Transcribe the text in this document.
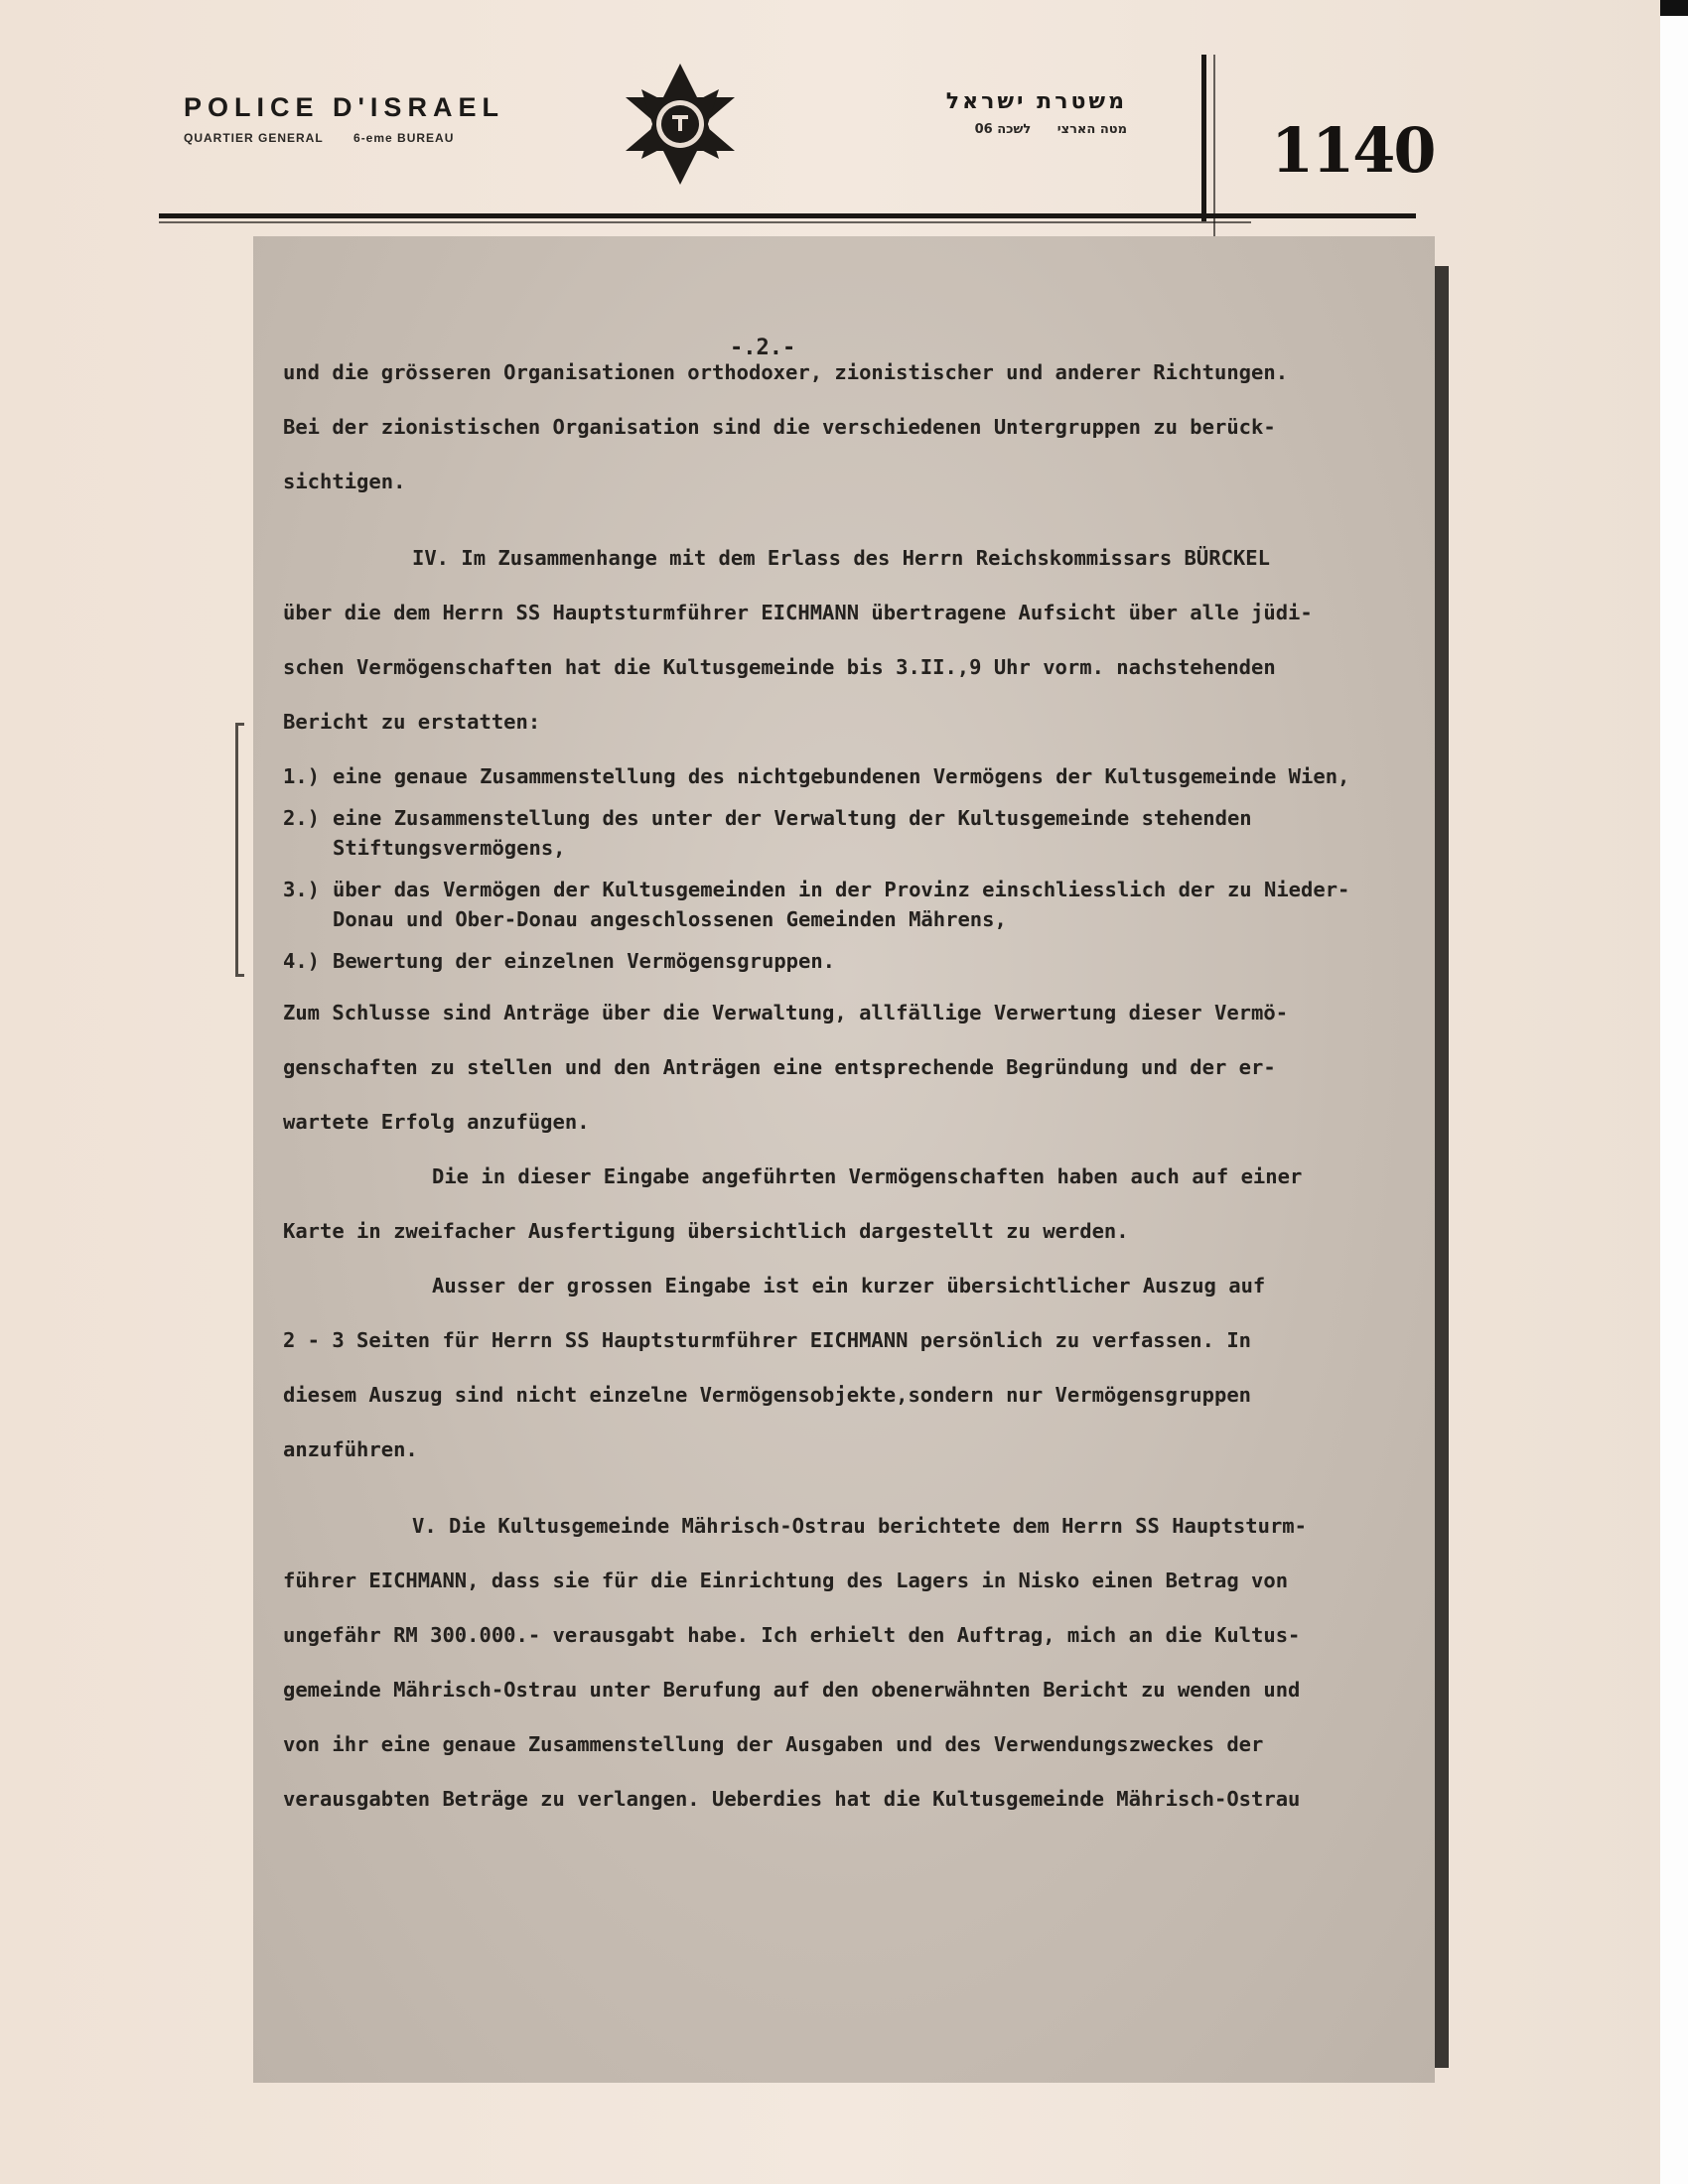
POLICE D'ISRAEL
QUARTIER GENERAL	6-eme BUREAU
משטרת ישראל
מטה הארצי לשכה 06	1140
-.2.-

und die grösseren Organisationen orthodoxer, zionistischer und anderer Richtungen.

Bei der zionistischen Organisation sind die verschiedenen Untergruppen zu berück-

sichtigen.

IV. Im Zusammenhange mit dem Erlass des Herrn Reichskommissars BÜRCKEL

über die dem Herrn SS Hauptsturmführer EICHMANN übertragene Aufsicht über alle jüdi-

schen Vermögenschaften hat die Kultusgemeinde bis 3.II.,9 Uhr vorm. nachstehenden

Bericht zu erstatten:

1.) eine genaue Zusammenstellung des nichtgebundenen Vermögens der Kultusgemeinde Wien,
2.) eine Zusammenstellung des unter der Verwaltung der Kultusgemeinde stehenden Stiftungsvermögens,
3.) über das Vermögen der Kultusgemeinden in der Provinz einschliesslich der zu Nieder-Donau und Ober-Donau angeschlossenen Gemeinden Mährens,
4.) Bewertung der einzelnen Vermögensgruppen.

Zum Schlusse sind Anträge über die Verwaltung, allfällige Verwertung dieser Vermö-

genschaften zu stellen und den Anträgen eine entsprechende Begründung und der er-

wartete Erfolg anzufügen.

Die in dieser Eingabe angeführten Vermögenschaften haben auch auf einer

Karte in zweifacher Ausfertigung übersichtlich dargestellt zu werden.

Ausser der grossen Eingabe ist ein kurzer übersichtlicher Auszug auf

2 - 3 Seiten für Herrn SS Hauptsturmführer EICHMANN persönlich zu verfassen. In

diesem Auszug sind nicht einzelne Vermögensobjekte,sondern nur Vermögensgruppen

anzuführen.

V. Die Kultusgemeinde Mährisch-Ostrau berichtete dem Herrn SS Hauptsturm-

führer EICHMANN, dass sie für die Einrichtung des Lagers in Nisko einen Betrag von

ungefähr RM 300.000.- verausgabt habe. Ich erhielt den Auftrag, mich an die Kultus-

gemeinde Mährisch-Ostrau unter Berufung auf den obenerwähnten Bericht zu wenden und

von ihr eine genaue Zusammenstellung der Ausgaben und des Verwendungszweckes der

verausgabten Beträge zu verlangen. Ueberdies hat die Kultusgemeinde Mährisch-Ostrau
